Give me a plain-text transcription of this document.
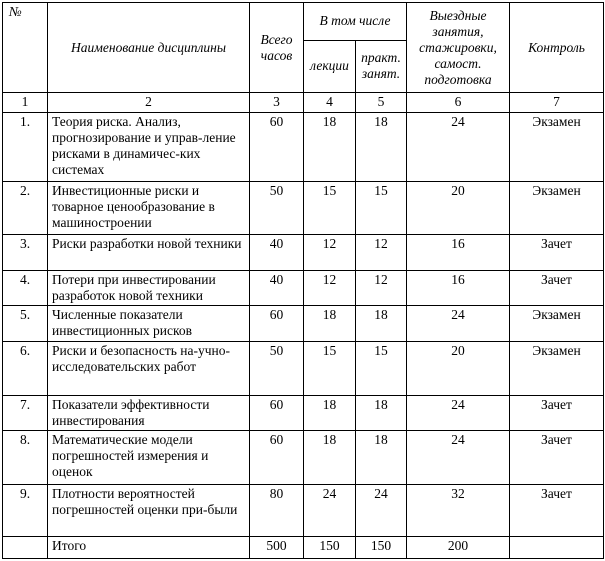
№	Наименование дисциплины	Всего часов	В том числе		Выездные занятия, стажировки, самост. подготовка	Контроль
			лекции	практ. занят.		
1	2	3	4	5	6	7
1.	Теория риска. Анализ, прогнозирование и управ-ление рисками в динамичес-ких системах	60	18	18	24	Экзамен
2.	Инвестиционные риски и товарное ценообразование в машиностроении	50	15	15	20	Экзамен
3.	Риски разработки новой техники	40	12	12	16	Зачет
4.	Потери при инвестировании разработок новой техники	40	12	12	16	Зачет
5.	Численные показатели инвестиционных рисков	60	18	18	24	Экзамен
6.	Риски и безопасность на-учно-исследовательских работ	50	15	15	20	Экзамен
7.	Показатели эффективности инвестирования	60	18	18	24	Зачет
8.	Математические модели погрешностей измерения и оценок	60	18	18	24	Зачет
9.	Плотности вероятностей погрешностей оценки при-были	80	24	24	32	Зачет
	Итого	500	150	150	200	
